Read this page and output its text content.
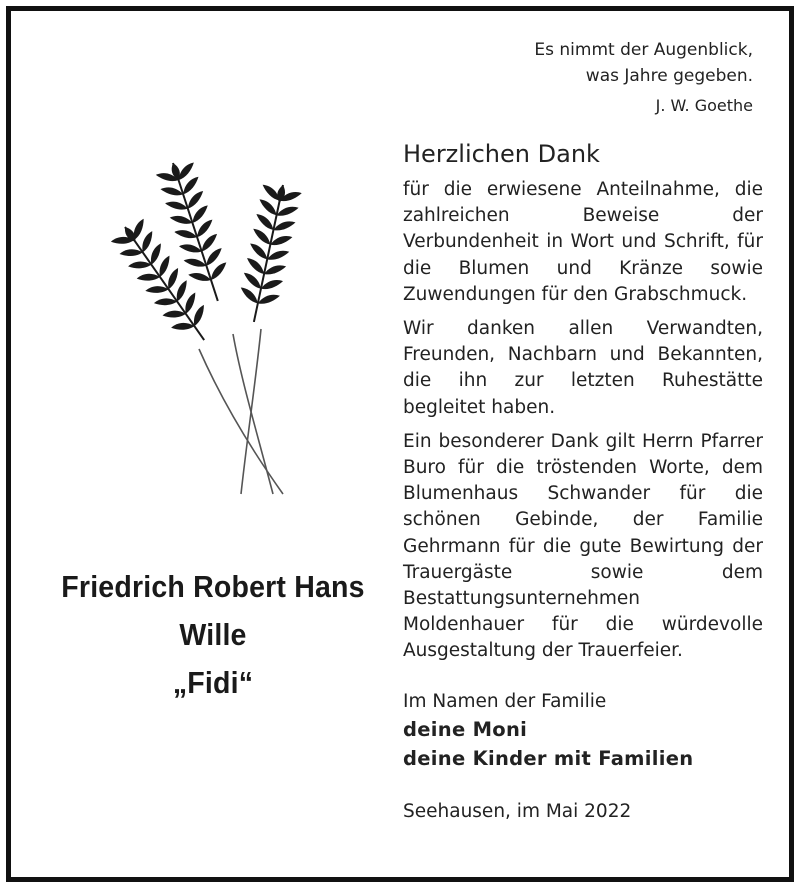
Es nimmt der Augenblick,
was Jahre gegeben.
J. W. Goethe
Friedrich Robert Hans
Wille
„Fidi“
Herzlichen Dank
für die erwiesene Anteilnahme, die zahlreichen Beweise der Verbundenheit in Wort und Schrift, für die Blumen und Kränze sowie Zuwendungen für den Grabschmuck.
Wir danken allen Verwandten, Freunden, Nachbarn und Bekannten, die ihn zur letzten Ruhestätte begleitet haben.
Ein besonderer Dank gilt Herrn Pfarrer Buro für die tröstenden Worte, dem Blumenhaus Schwander für die schönen Gebinde, der Familie Gehrmann für die gute Bewirtung der Trauergäste sowie dem Bestattungsunternehmen Moldenhauer für die würdevolle Ausgestaltung der Trauerfeier.
Im Namen der Familie
deine Moni
deine Kinder mit Familien
Seehausen, im Mai 2022
